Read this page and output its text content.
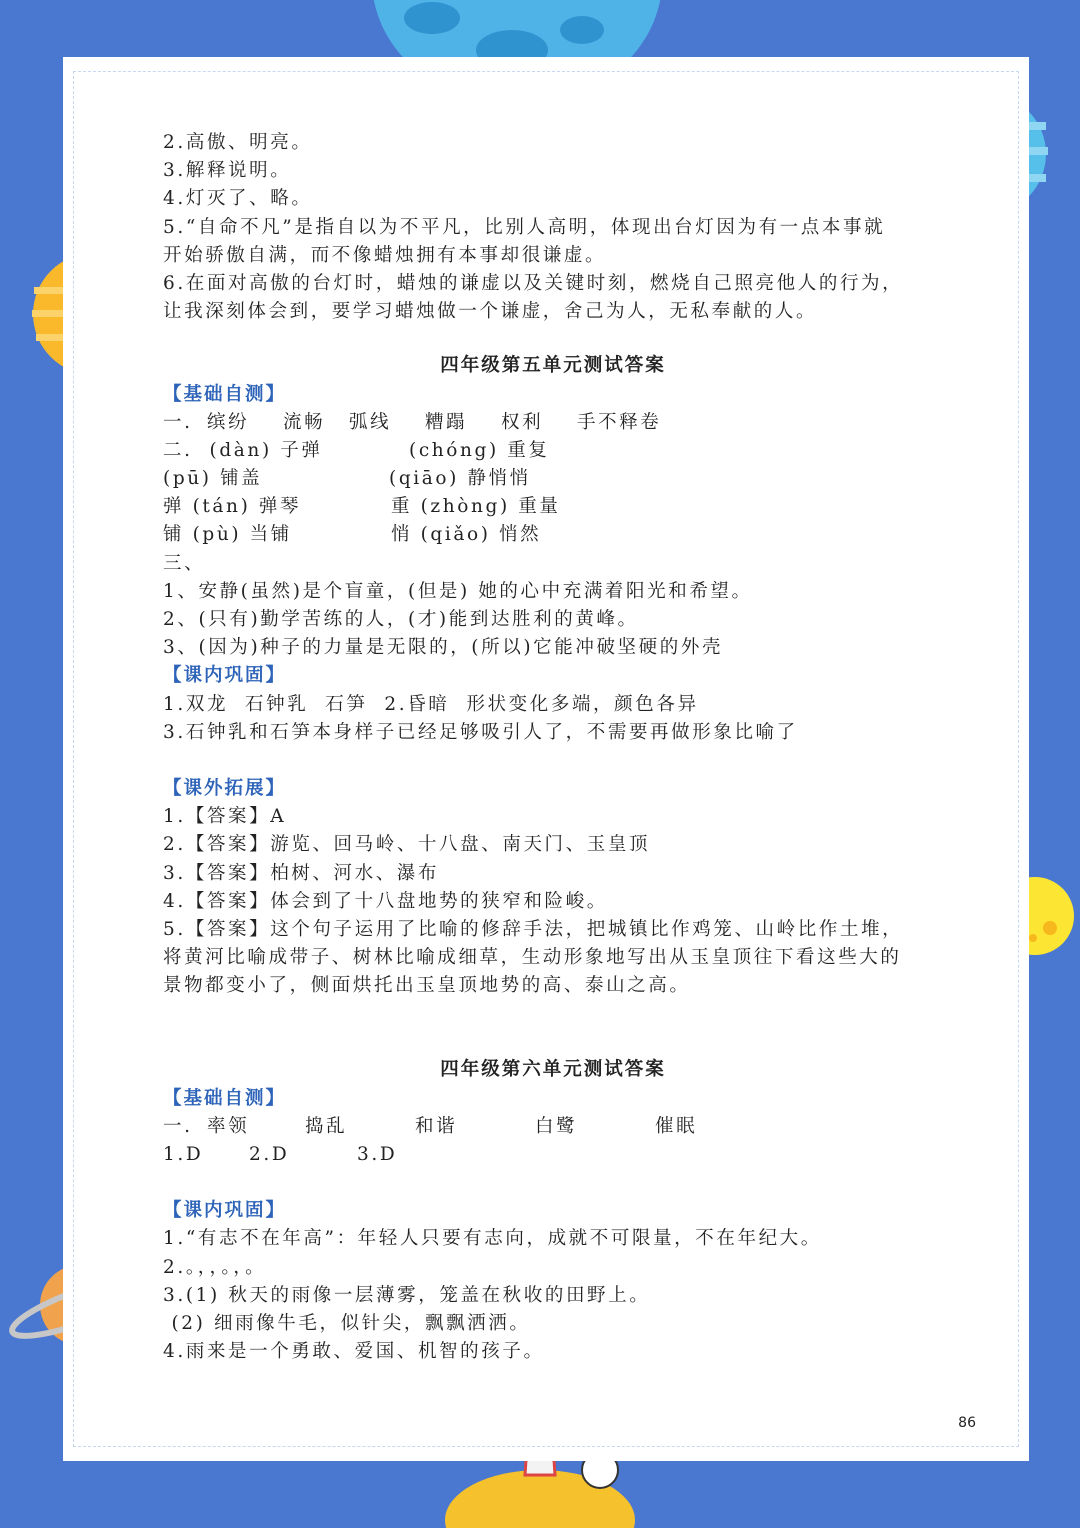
2.高傲、明亮。
3.解释说明。
4.灯灭了、略。
5.“自命不凡”是指自以为不平凡，比别人高明，体现出台灯因为有一点本事就
开始骄傲自满，而不像蜡烛拥有本事却很谦虚。
6.在面对高傲的台灯时，蜡烛的谦虚以及关键时刻，燃烧自己照亮他人的行为，
让我深刻体会到，要学习蜡烛做一个谦虚，舍己为人，无私奉献的人。
四年级第五单元测试答案
【基础自测】
一. 缤纷	流畅	弧线	糟蹋	权利	手不释卷
二.  (dàn) 子弹	(chóng) 重复
(pū) 铺盖	(qiāo) 静悄悄
弹 (tán) 弹琴	重 (zhòng) 重量
铺 (pù) 当铺	悄 (qiǎo) 悄然
三、
1、安静(虽然)是个盲童，(但是) 她的心中充满着阳光和希望。
2、(只有)勤学苦练的人，(才)能到达胜利的黄峰。
3、(因为)种子的力量是无限的，(所以)它能冲破坚硬的外壳
【课内巩固】
1.双龙  石钟乳  石笋  2.昏暗  形状变化多端，颜色各异
3.石钟乳和石笋本身样子已经足够吸引人了，不需要再做形象比喻了
【课外拓展】
1.【答案】A
2.【答案】游览、回马岭、十八盘、南天门、玉皇顶
3.【答案】柏树、河水、瀑布
4.【答案】体会到了十八盘地势的狭窄和险峻。
5.【答案】这个句子运用了比喻的修辞手法，把城镇比作鸡笼、山岭比作土堆，
将黄河比喻成带子、树林比喻成细草，生动形象地写出从玉皇顶往下看这些大的
景物都变小了，侧面烘托出玉皇顶地势的高、泰山之高。
四年级第六单元测试答案
【基础自测】
一. 率领	捣乱	和谐	白鹭	催眠
1.D	2.D	3.D
【课内巩固】
1.“有志不在年高”：年轻人只要有志向，成就不可限量，不在年纪大。
2.。，，。，。
3.(1) 秋天的雨像一层薄雾，笼盖在秋收的田野上。
(2) 细雨像牛毛，似针尖，飘飘洒洒。
4.雨来是一个勇敢、爱国、机智的孩子。
86
